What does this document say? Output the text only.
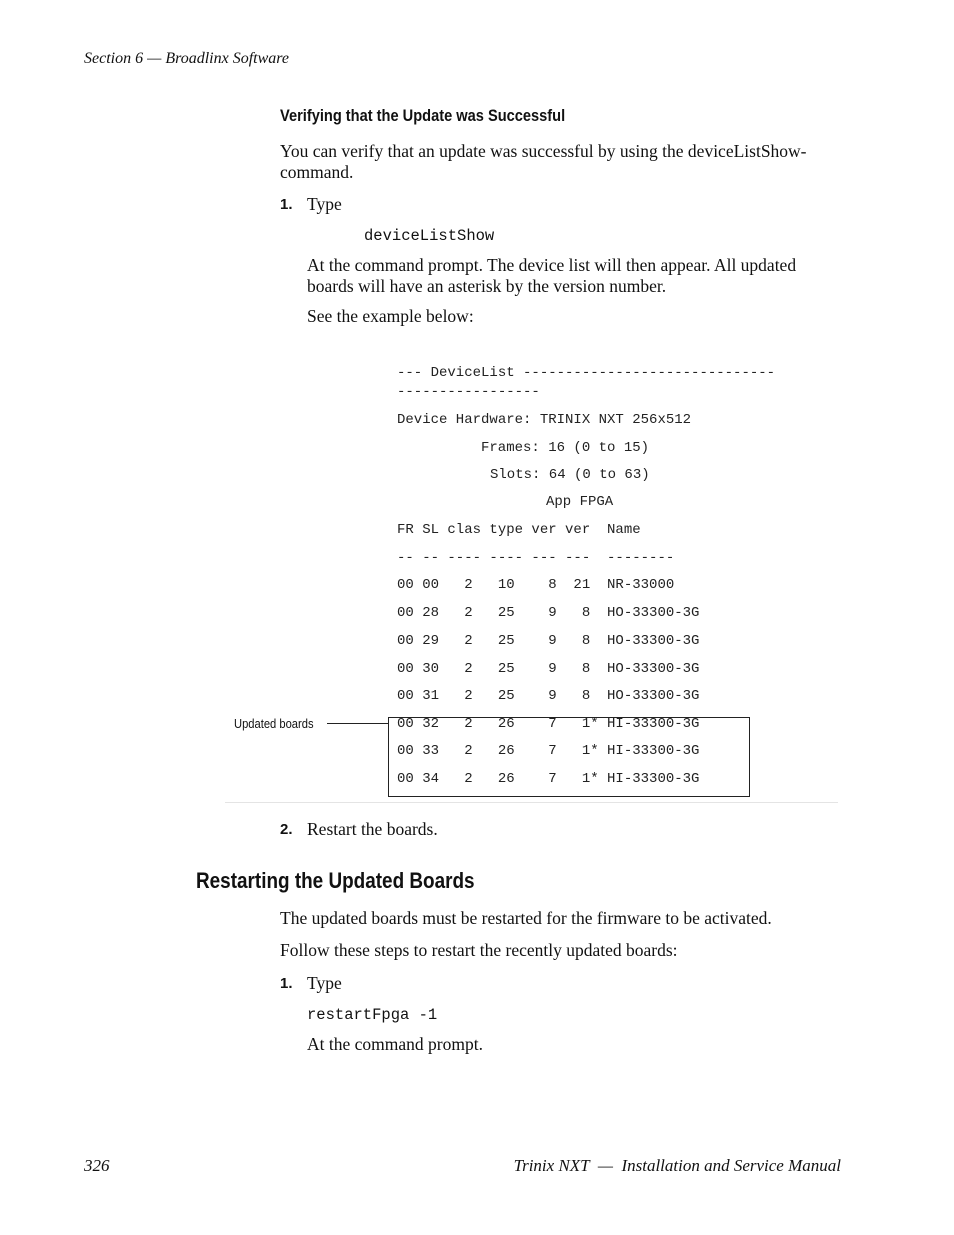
Section 6 — Broadlinx Software
Verifying that the Update was Successful
You can verify that an update was successful by using the deviceListShow-
command.
1. Type
deviceListShow
At the command prompt. The device list will then appear. All updated
boards will have an asterisk by the version number.
See the example below:
--- DeviceList ------------------------------
-----------------
Device Hardware: TRINIX NXT 256x512
Frames: 16 (0 to 15)
Slots: 64 (0 to 63)
App FPGA
FR SL clas type ver ver  Name
-- -- ---- ---- --- ---  --------
00 00   2   10    8  21  NR-33000
00 28   2   25    9   8  HO-33300-3G
00 29   2   25    9   8  HO-33300-3G
00 30   2   25    9   8  HO-33300-3G
00 31   2   25    9   8  HO-33300-3G
00 32   2   26    7   1* HI-33300-3G
00 33   2   26    7   1* HI-33300-3G
00 34   2   26    7   1* HI-33300-3G
Updated boards
2. Restart the boards.
Restarting the Updated Boards
The updated boards must be restarted for the firmware to be activated.
Follow these steps to restart the recently updated boards:
1. Type
restartFpga -1
At the command prompt.
326	Trinix NXT  —  Installation and Service Manual
